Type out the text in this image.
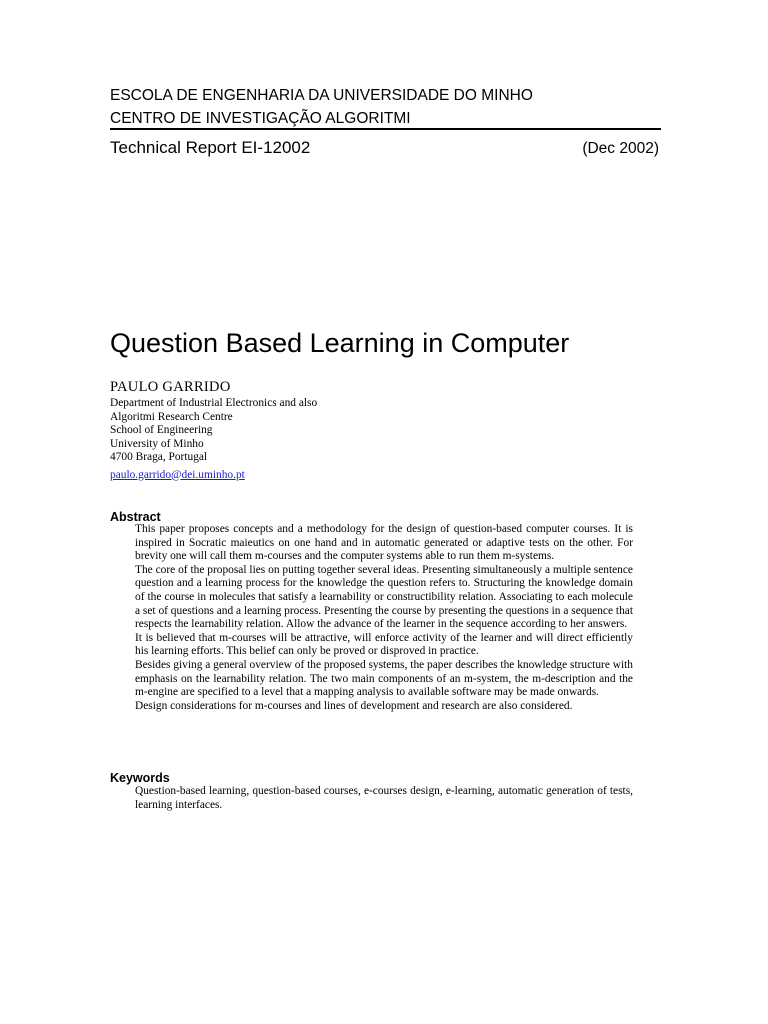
ESCOLA DE ENGENHARIA DA UNIVERSIDADE DO MINHO
CENTRO DE INVESTIGAÇÃO ALGORITMI
Technical Report EI-12002	(Dec 2002)
Question Based Learning in Computer
PAULO GARRIDO
Department of Industrial Electronics and also
Algoritmi Research Centre
School of Engineering
University of Minho
4700 Braga, Portugal
paulo.garrido@dei.uminho.pt
Abstract

This paper proposes concepts and a methodology for the design of question-based computer courses. It is inspired in Socratic maieutics on one hand and in automatic generated or adaptive tests on the other. For brevity one will call them m-courses and the computer systems able to run them m-systems.

The core of the proposal lies on putting together several ideas. Presenting simultaneously a multiple sentence question and a learning process for the knowledge the question refers to. Structuring the knowledge domain of the course in molecules that satisfy a learnability or constructibility relation. Associating to each molecule a set of questions and a learning process. Presenting the course by presenting the questions in a sequence that respects the learnability relation. Allow the advance of the learner in the sequence according to her answers.

It is believed that m-courses will be attractive, will enforce activity of the learner and will direct efficiently his learning efforts. This belief can only be proved or disproved in practice.

Besides giving a general overview of the proposed systems, the paper describes the knowledge structure with emphasis on the learnability relation. The two main components of an m-system, the m-description and the m-engine are specified to a level that a mapping analysis to available software may be made onwards.

Design considerations for m-courses and lines of development and research are also considered.

Keywords
Question-based learning, question-based courses, e-courses design, e-learning, automatic generation of tests, learning interfaces.
